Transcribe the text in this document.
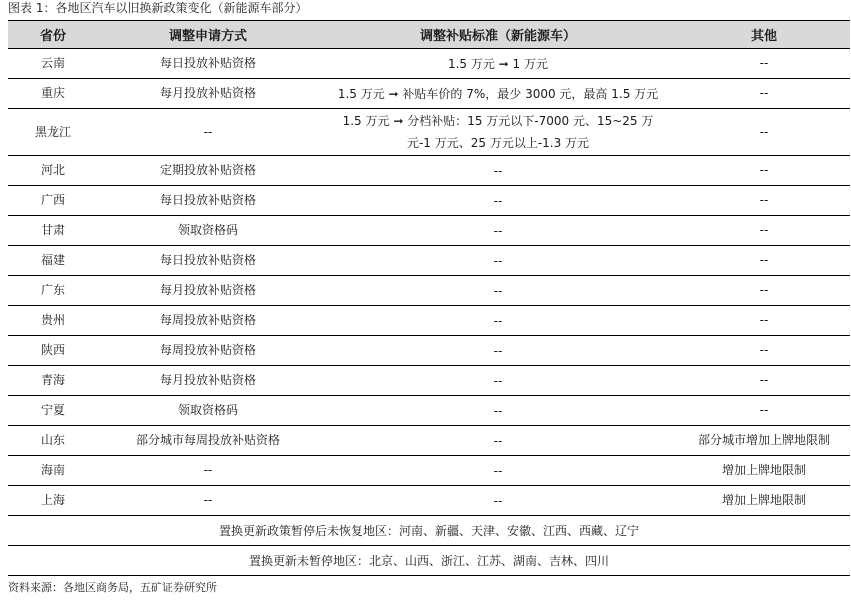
图表 1：各地区汽车以旧换新政策变化（新能源车部分）
省份	调整申请方式	调整补贴标准（新能源车）	其他
云南	每日投放补贴资格	1.5 万元 ➞ 1 万元	--
重庆	每月投放补贴资格	1.5 万元 ➞ 补贴车价的 7%，最少 3000 元，最高 1.5 万元	--
黑龙江	--	1.5 万元 ➞ 分档补贴：15 万元以下-7000 元、15~25 万元-1 万元、25 万元以上-1.3 万元	--
河北	定期投放补贴资格	--	--
广西	每日投放补贴资格	--	--
甘肃	领取资格码	--	--
福建	每日投放补贴资格	--	--
广东	每月投放补贴资格	--	--
贵州	每周投放补贴资格	--	--
陕西	每周投放补贴资格	--	--
青海	每月投放补贴资格	--	--
宁夏	领取资格码	--	--
山东	部分城市每周投放补贴资格	--	部分城市增加上牌地限制
海南	--	--	增加上牌地限制
上海	--	--	增加上牌地限制
置换更新政策暂停后未恢复地区：河南、新疆、天津、安徽、江西、西藏、辽宁			
置换更新未暂停地区：北京、山西、浙江、江苏、湖南、吉林、四川			
资料来源：各地区商务局，五矿证券研究所
